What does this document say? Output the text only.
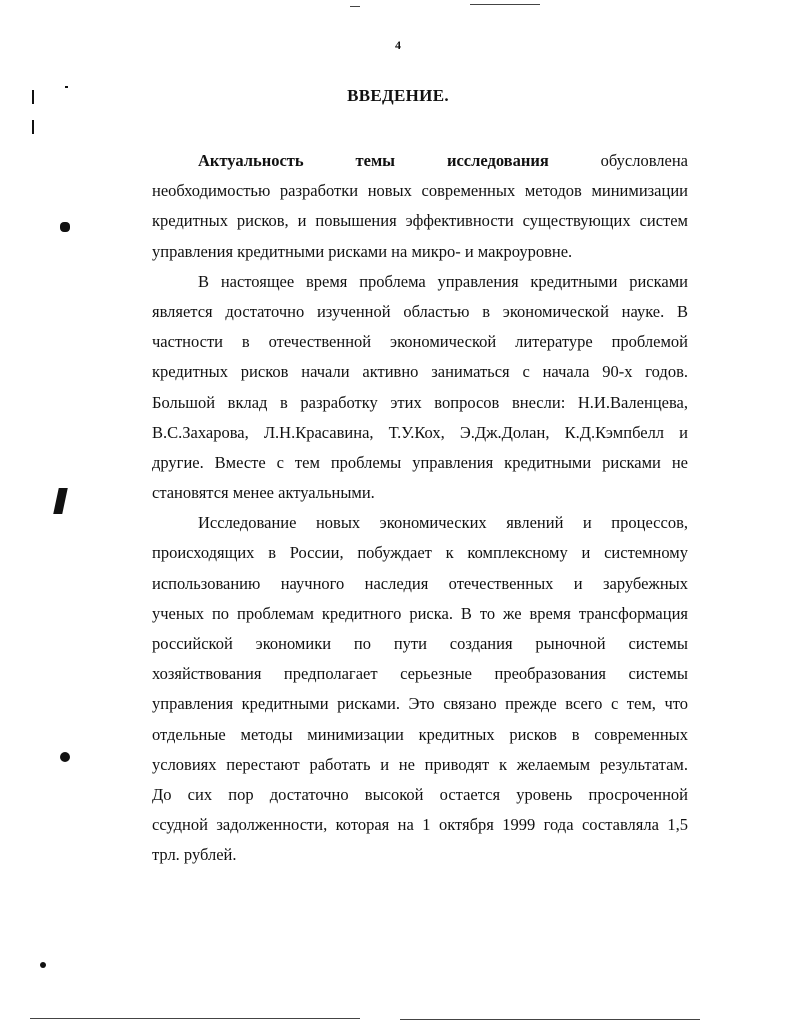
4
ВВЕДЕНИЕ.
Актуальность	темы	исследования	обусловлена
необходимостью разработки новых современных методов минимизации
кредитных рисков, и повышения эффективности существующих систем
управления кредитными рисками на микро- и макроуровне.
В настоящее время проблема управления кредитными рисками
является достаточно изученной областью в экономической науке. В
частности в отечественной экономической литературе проблемой
кредитных рисков начали активно заниматься с начала 90-х годов.
Большой вклад в разработку этих вопросов внесли: Н.И.Валенцева,
В.С.Захарова, Л.Н.Красавина, Т.У.Кох, Э.Дж.Долан, К.Д.Кэмпбелл и
другие. Вместе с тем проблемы управления кредитными рисками не
становятся менее актуальными.
Исследование новых экономических явлений и процессов,
происходящих в России, побуждает к комплексному и системному
использованию научного наследия отечественных и зарубежных
ученых по проблемам кредитного риска. В то же время трансформация
российской экономики по пути создания рыночной системы
хозяйствования предполагает серьезные преобразования системы
управления кредитными рисками. Это связано прежде всего с тем, что
отдельные методы минимизации кредитных рисков в современных
условиях перестают работать и не приводят к желаемым результатам.
До сих пор достаточно высокой остается уровень просроченной
ссудной задолженности, которая на 1 октября 1999 года составляла 1,5
трл. рублей.
